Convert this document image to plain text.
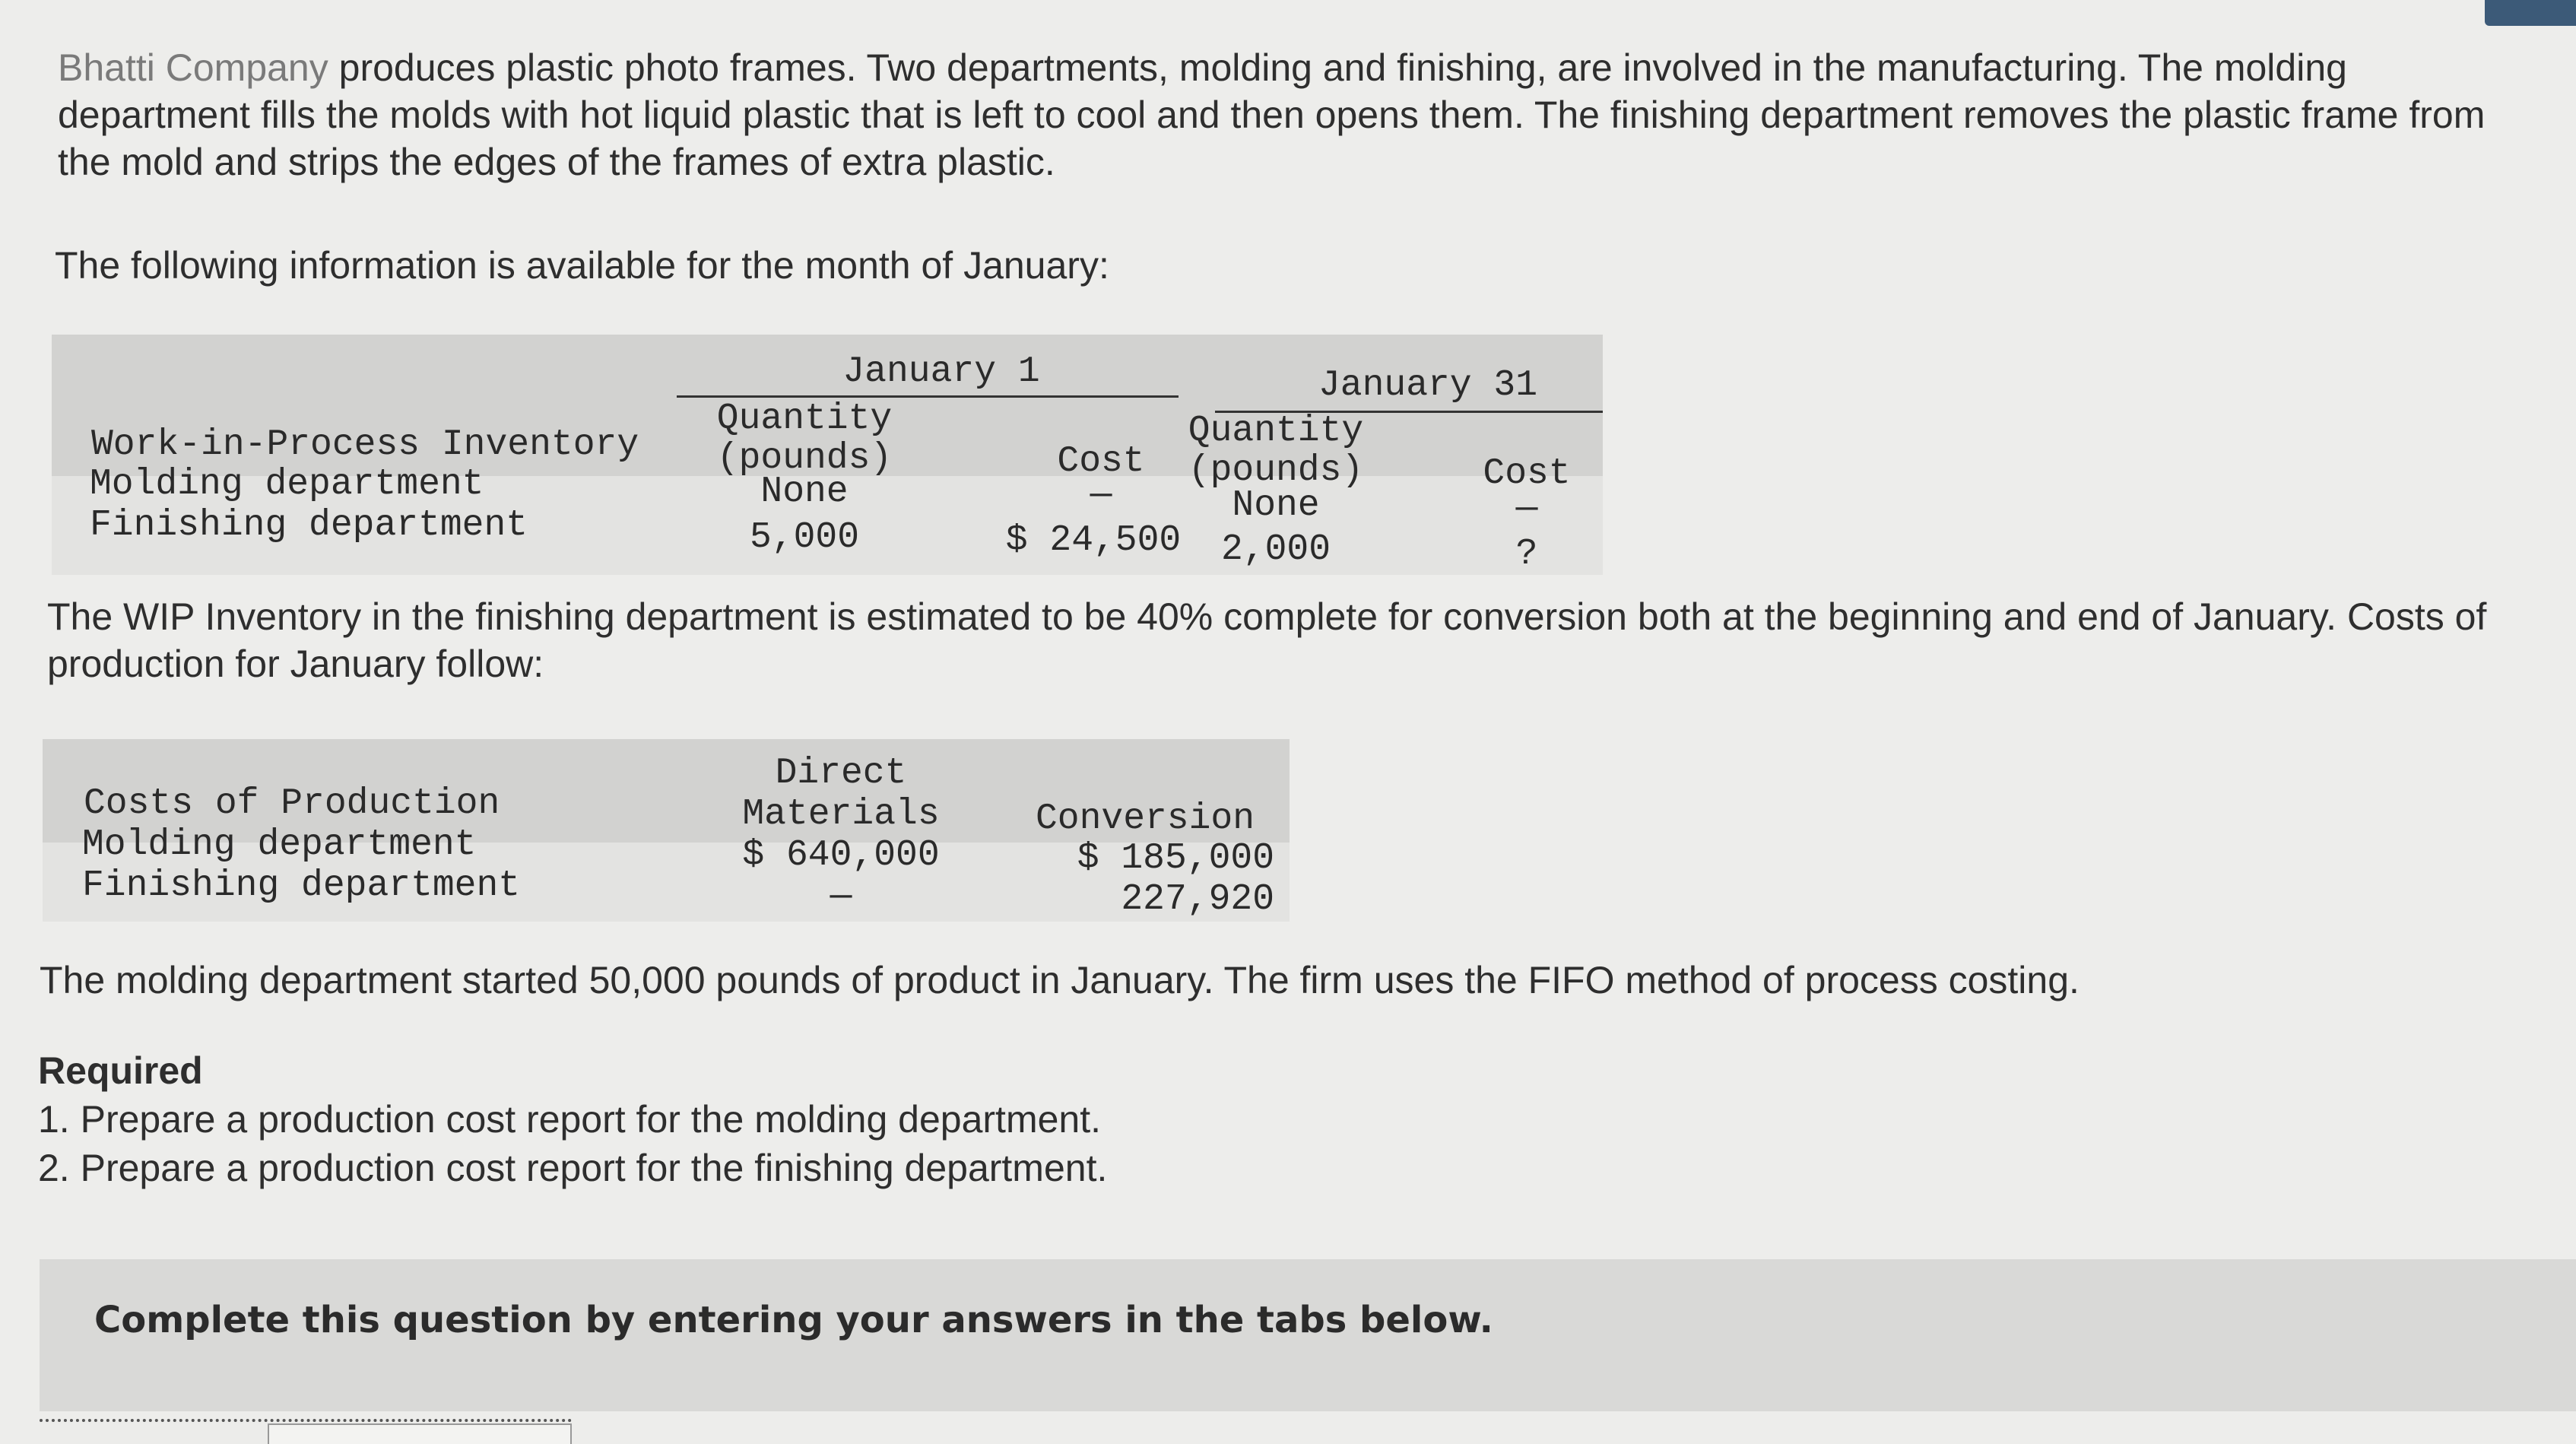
Bhatti Company produces plastic photo frames. Two departments, molding and finishing, are involved in the manufacturing. The molding department fills the molds with hot liquid plastic that is left to cool and then opens them. The finishing department removes the plastic frame from the mold and strips the edges of the frames of extra plastic.

The following information is available for the month of January:

January 1	January 31
Quantity
(pounds)	Cost
Quantity
(pounds)	Cost
Work-in-Process Inventory
Molding department	None	—	None	—
Finishing department	5,000	$ 24,500	2,000	?

The WIP Inventory in the finishing department is estimated to be 40% complete for conversion both at the beginning and end of January. Costs of production for January follow:

Direct
Materials	Conversion
Costs of Production
Molding department	$ 640,000	$ 185,000
Finishing department	—	227,920

The molding department started 50,000 pounds of product in January. The firm uses the FIFO method of process costing.

Required
1. Prepare a production cost report for the molding department.
2. Prepare a production cost report for the finishing department.
Complete this question by entering your answers in the tabs below.
